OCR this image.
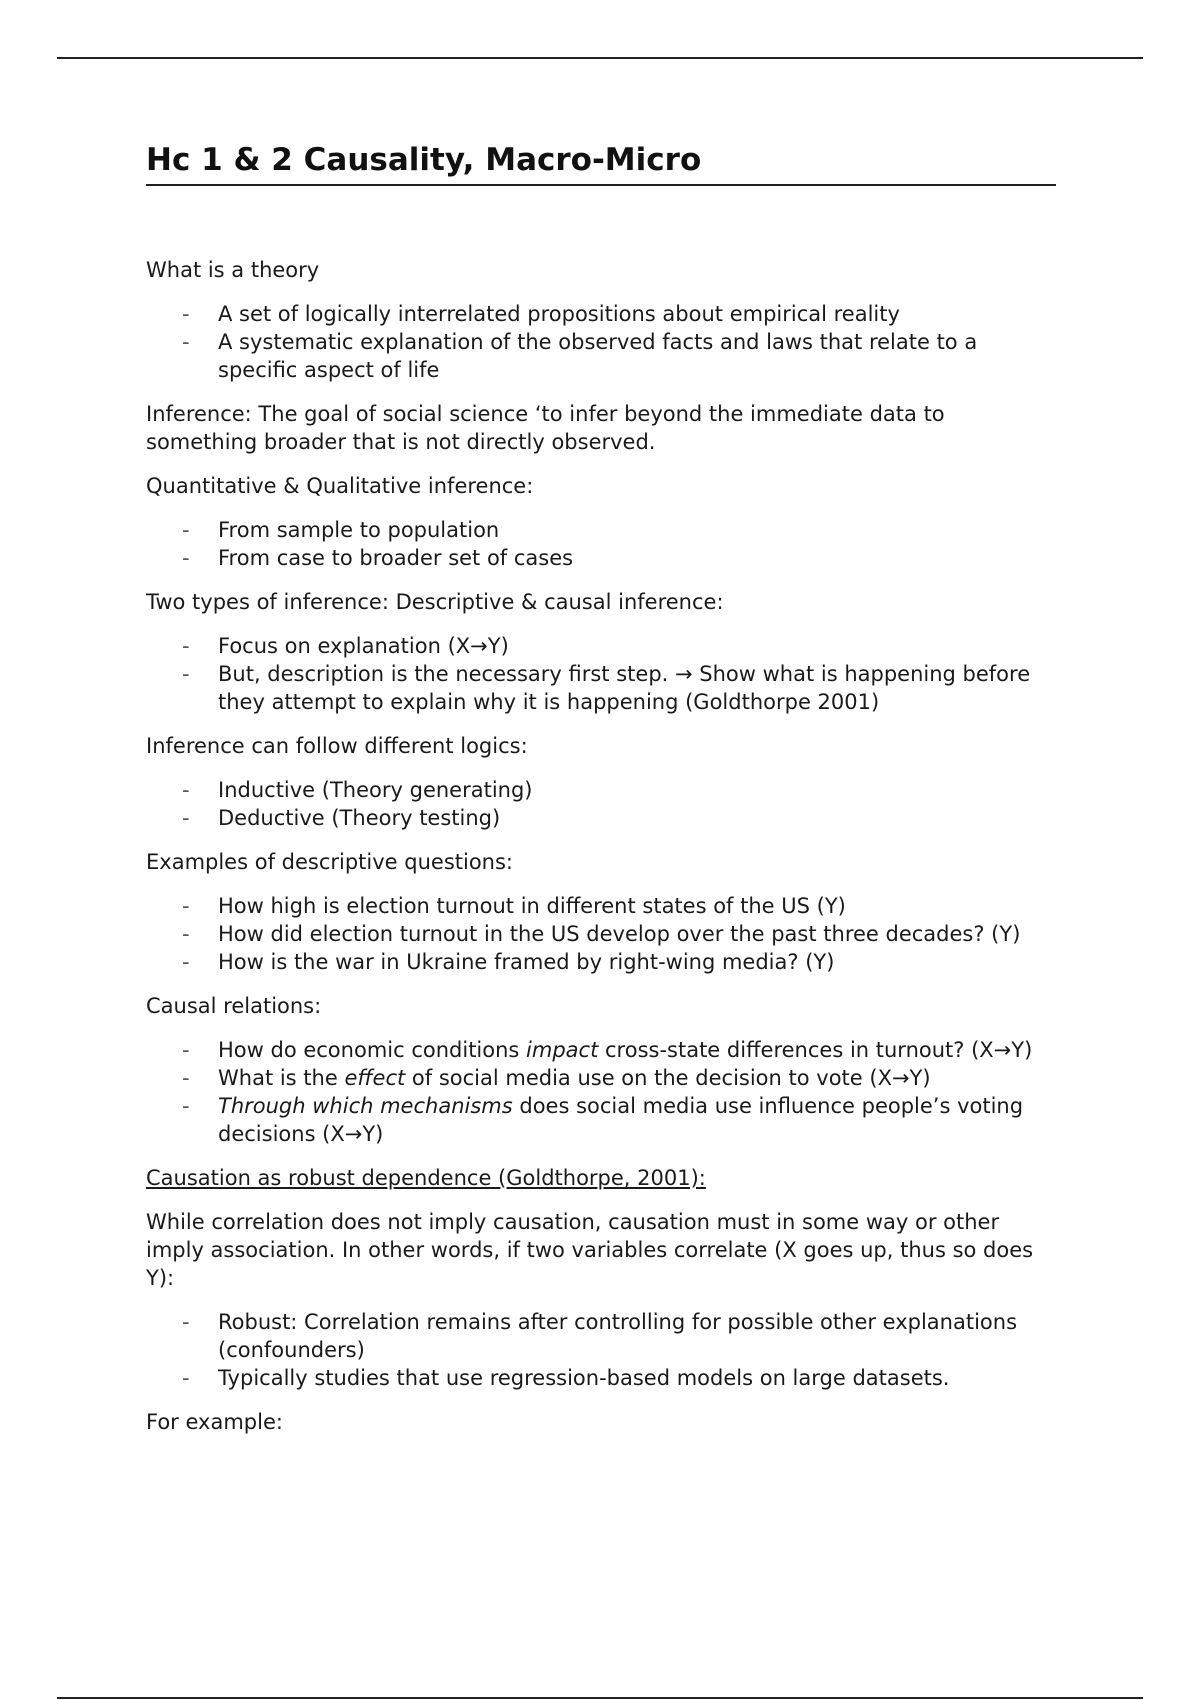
Hc 1 & 2 Causality, Macro-Micro

What is a theory

- A set of logically interrelated propositions about empirical reality
- A systematic explanation of the observed facts and laws that relate to a specific aspect of life

Inference: The goal of social science ‘to infer beyond the immediate data to something broader that is not directly observed.

Quantitative & Qualitative inference:

- From sample to population
- From case to broader set of cases

Two types of inference: Descriptive & causal inference:

- Focus on explanation (X→Y)
- But, description is the necessary first step. → Show what is happening before they attempt to explain why it is happening (Goldthorpe 2001)

Inference can follow different logics:

- Inductive (Theory generating)
- Deductive (Theory testing)

Examples of descriptive questions:

- How high is election turnout in different states of the US (Y)
- How did election turnout in the US develop over the past three decades? (Y)
- How is the war in Ukraine framed by right-wing media? (Y)

Causal relations:

- How do economic conditions impact cross-state differences in turnout? (X→Y)
- What is the effect of social media use on the decision to vote (X→Y)
- Through which mechanisms does social media use influence people’s voting decisions (X→Y)

Causation as robust dependence (Goldthorpe, 2001):

While correlation does not imply causation, causation must in some way or other imply association. In other words, if two variables correlate (X goes up, thus so does Y):

- Robust: Correlation remains after controlling for possible other explanations (confounders)
- Typically studies that use regression-based models on large datasets.

For example:
